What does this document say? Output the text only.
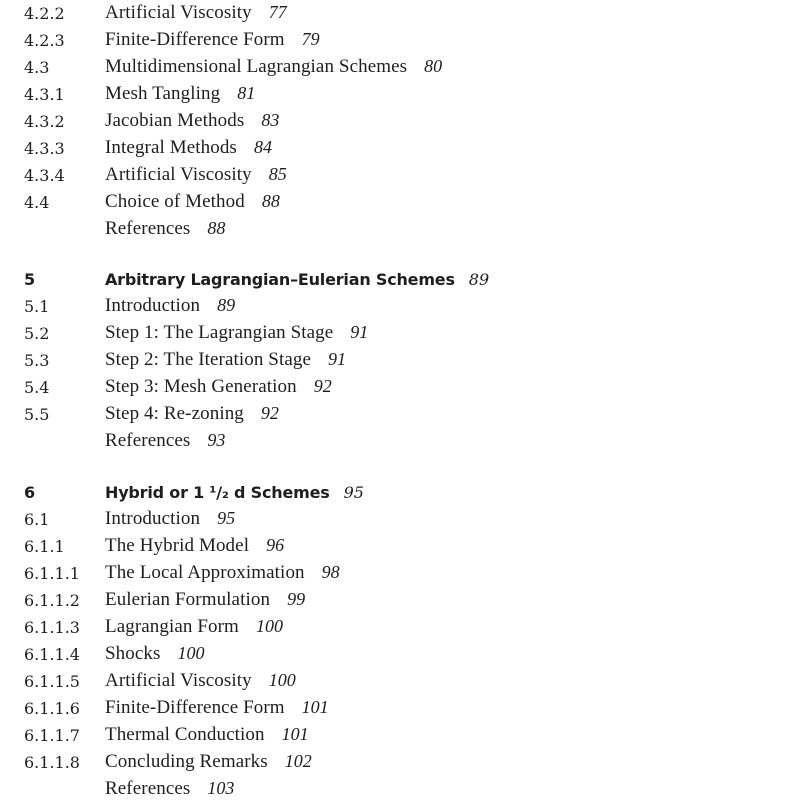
4.2.2	Artificial Viscosity 77
4.2.3	Finite-Difference Form 79
4.3	Multidimensional Lagrangian Schemes 80
4.3.1	Mesh Tangling 81
4.3.2	Jacobian Methods 83
4.3.3	Integral Methods 84
4.3.4	Artificial Viscosity 85
4.4	Choice of Method 88
References 88
5	Arbitrary Lagrangian–Eulerian Schemes 89
5.1	Introduction 89
5.2	Step 1: The Lagrangian Stage 91
5.3	Step 2: The Iteration Stage 91
5.4	Step 3: Mesh Generation 92
5.5	Step 4: Re-zoning 92
References 93
6	Hybrid or 1 ¹/₂ d Schemes 95
6.1	Introduction 95
6.1.1	The Hybrid Model 96
6.1.1.1	The Local Approximation 98
6.1.1.2	Eulerian Formulation 99
6.1.1.3	Lagrangian Form 100
6.1.1.4	Shocks 100
6.1.1.5	Artificial Viscosity 100
6.1.1.6	Finite-Difference Form 101
6.1.1.7	Thermal Conduction 101
6.1.1.8	Concluding Remarks 102
References 103
